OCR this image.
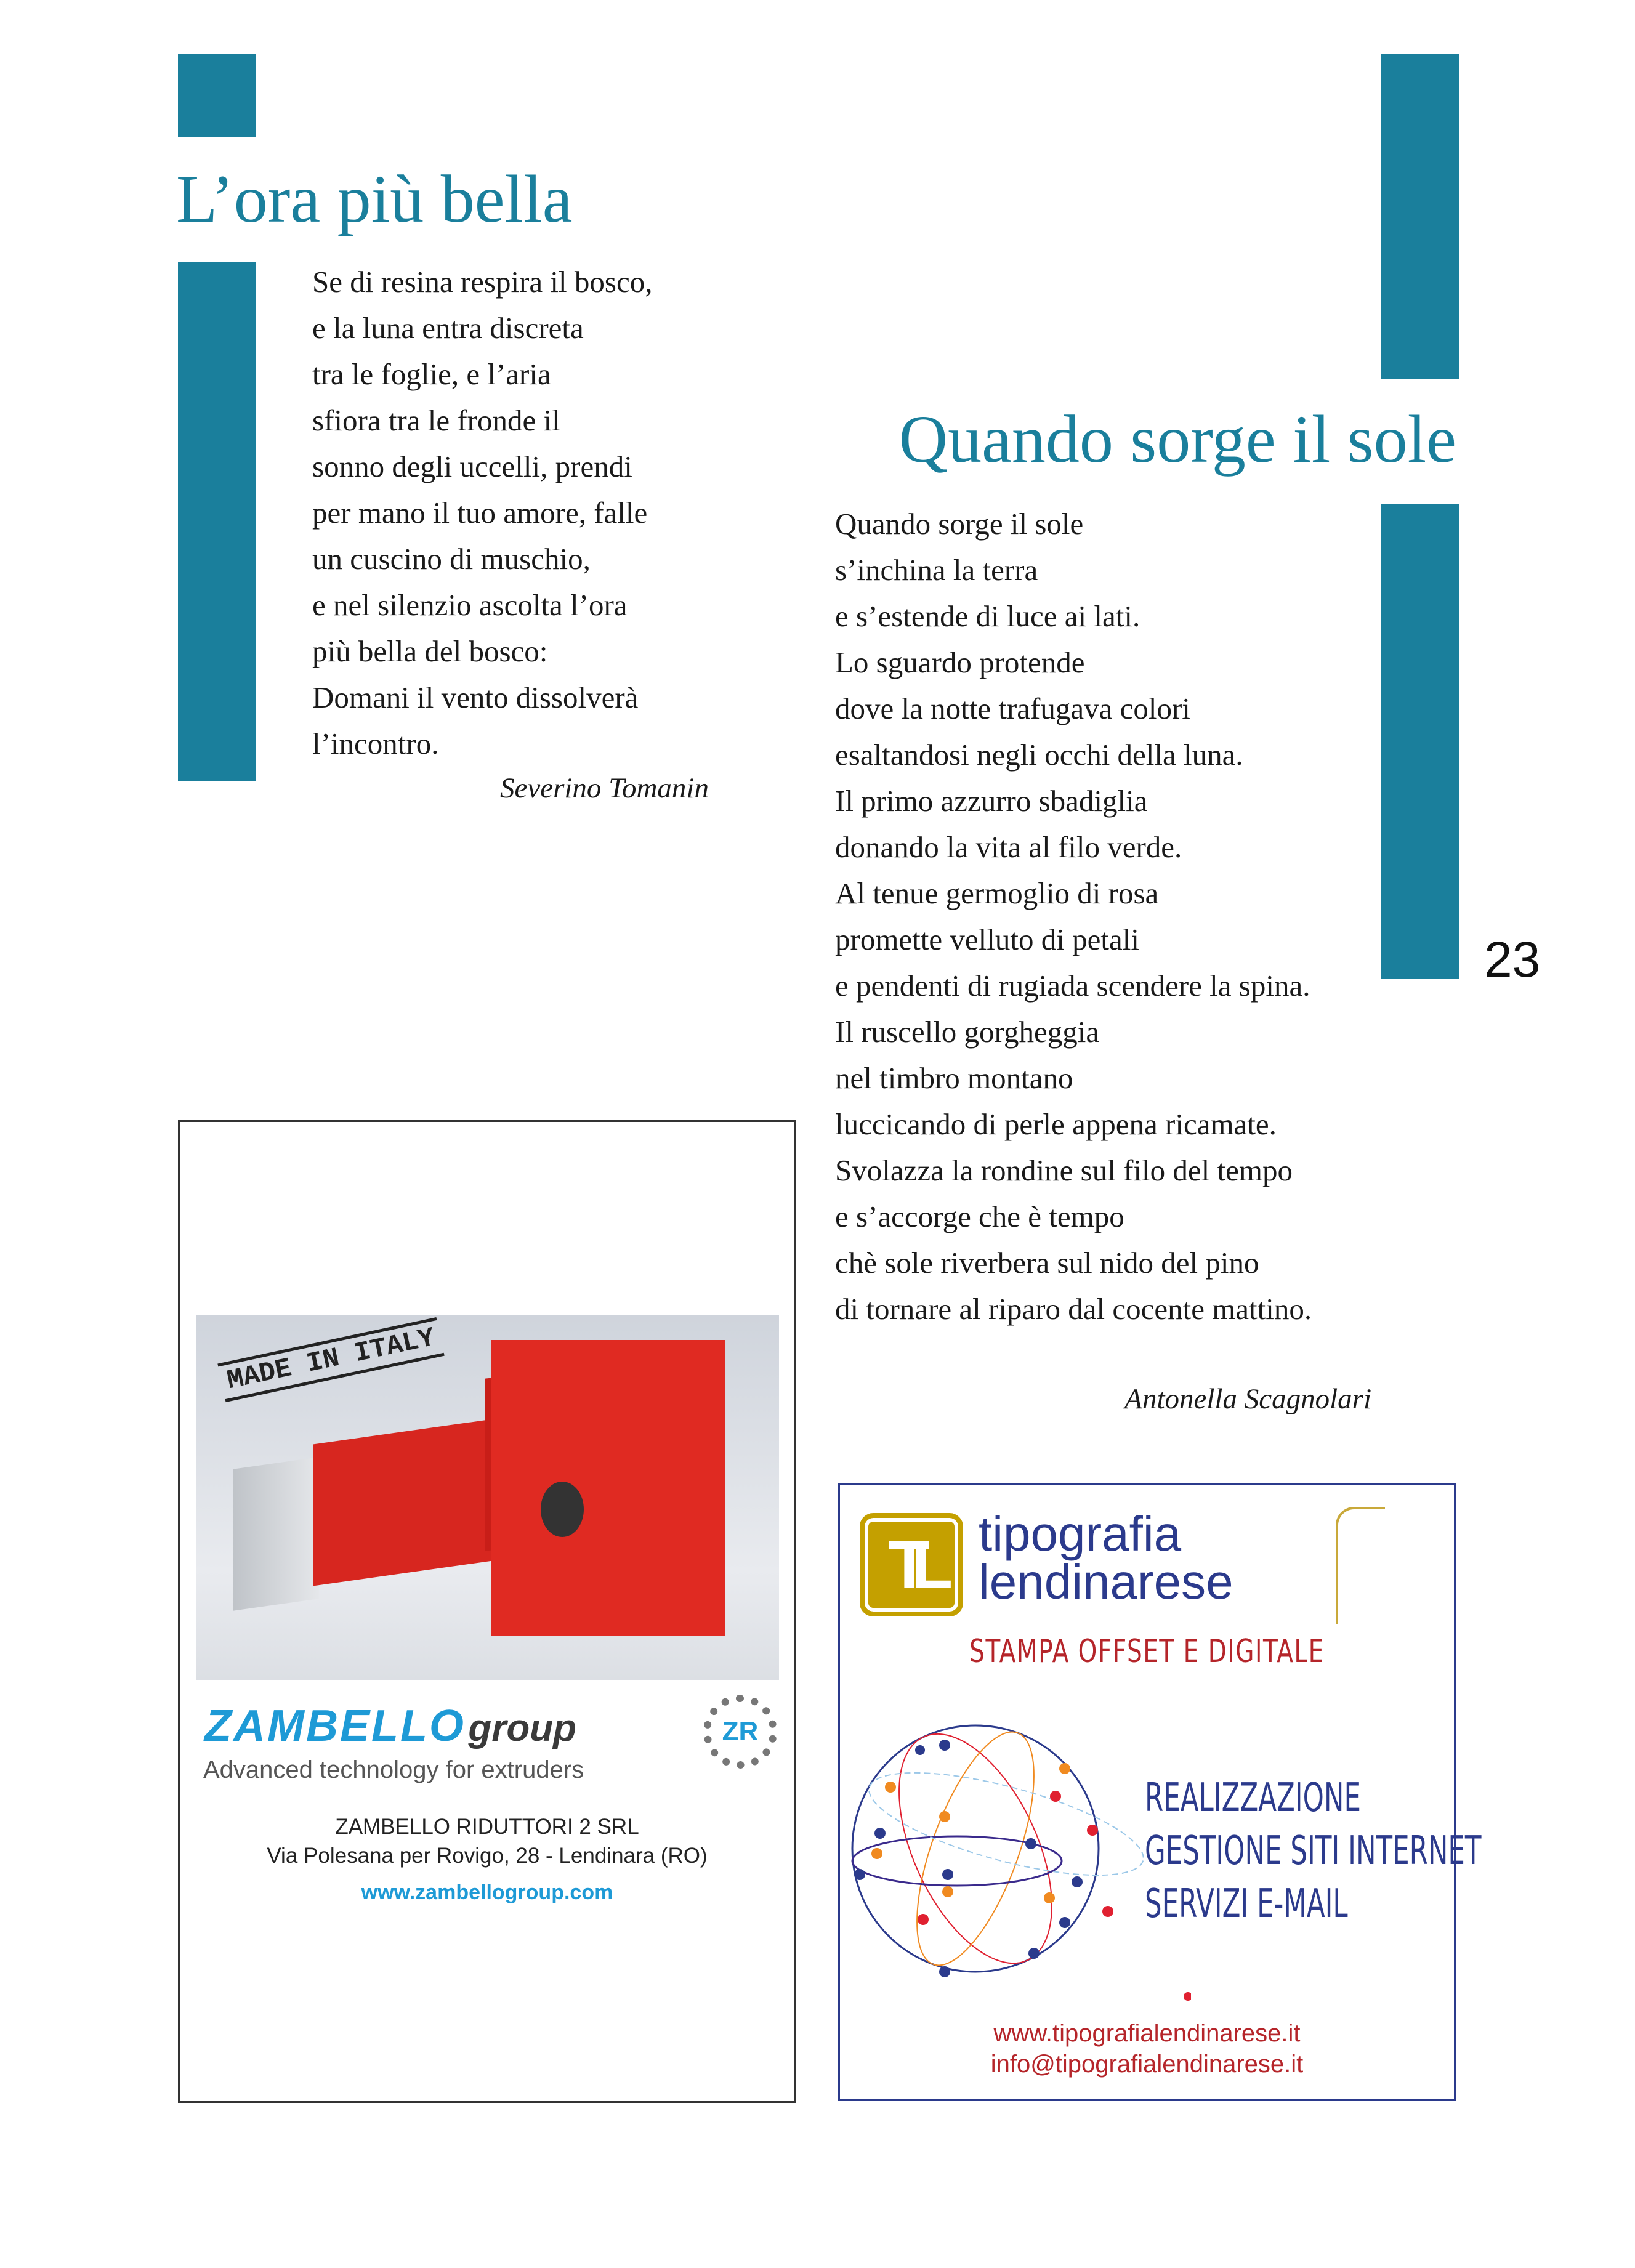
L’ora più bella
Se di resina respira il bosco,
e la luna entra discreta
tra le foglie, e l’aria
sfiora tra le fronde il
sonno degli uccelli, prendi
per mano il tuo amore, falle
un cuscino di muschio,
e nel silenzio ascolta l’ora
più bella del bosco:
Domani il vento dissolverà
l’incontro.
Severino Tomanin
Quando sorge il sole
23
Quando sorge il sole
s’inchina la terra
e s’estende di luce ai lati.
Lo sguardo protende
dove la notte trafugava colori
esaltandosi negli occhi della luna.
Il primo azzurro sbadiglia
donando la vita al filo verde.
Al tenue germoglio di rosa
promette velluto di petali
e pendenti di rugiada scendere la spina.
Il ruscello gorgheggia
nel timbro montano
luccicando di perle appena ricamate.
Svolazza la rondine sul filo del tempo
e s’accorge che è tempo
chè sole riverbera sul nido del pino
di tornare al riparo dal cocente mattino.
Antonella Scagnolari
MADE IN ITALY
ZAMBELLO group
Advanced technology for extruders
ZR
ZAMBELLO RIDUTTORI 2 SRL
Via Polesana per Rovigo, 28 - Lendinara (RO)
www.zambellogroup.com
TL tipografia
lendinarese
STAMPA OFFSET E DIGITALE
REALIZZAZIONE
GESTIONE SITI INTERNET
SERVIZI E-MAIL
www.tipografialendinarese.it
info@tipografialendinarese.it
